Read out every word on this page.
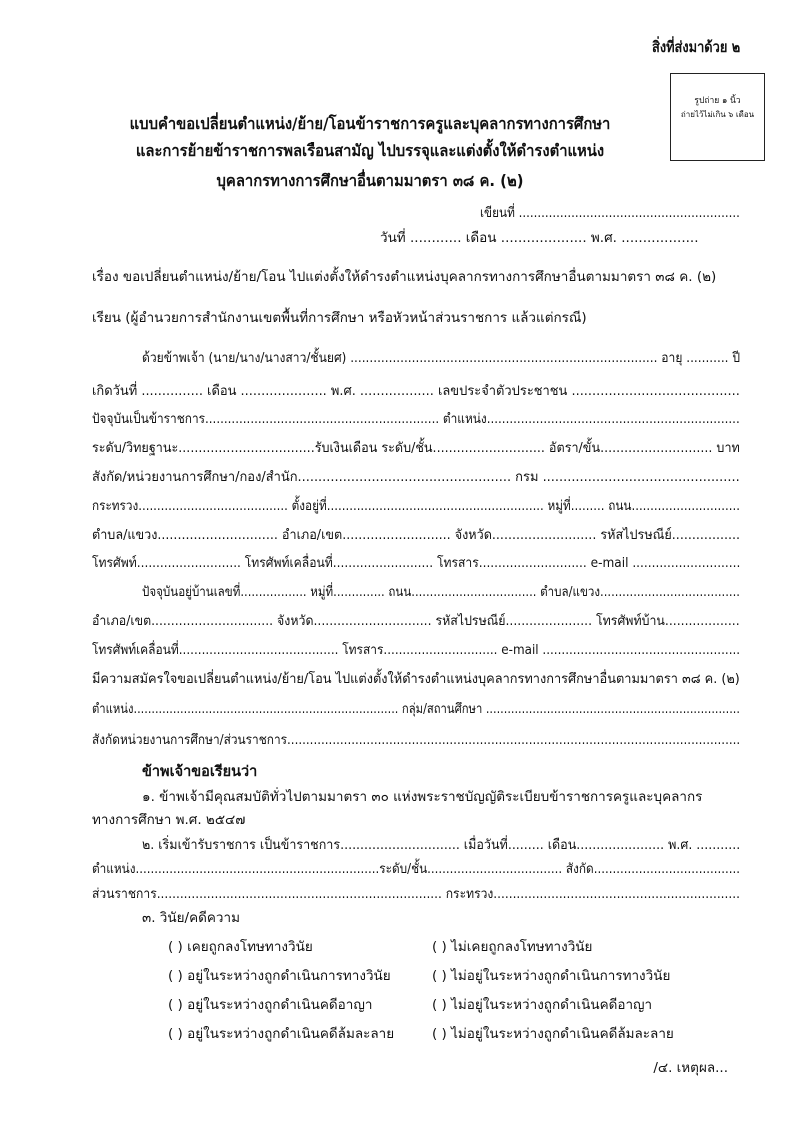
สิ่งที่ส่งมาด้วย ๒
รูปถ่าย ๑ นิ้ว
ถ่ายไว้ไม่เกิน ๖ เดือน
แบบคำขอเปลี่ยนตำแหน่ง/ย้าย/โอนข้าราชการครูและบุคลากรทางการศึกษา
และการย้ายข้าราชการพลเรือนสามัญ ไปบรรจุและแต่งตั้งให้ดำรงตำแหน่ง
บุคลากรทางการศึกษาอื่นตามมาตรา ๓๘ ค. (๒)
เขียนที่ ...........................................................
วันที่ ............ เดือน .................... พ.ศ. ..................
เรื่อง ขอเปลี่ยนตำแหน่ง/ย้าย/โอน ไปแต่งตั้งให้ดำรงตำแหน่งบุคลากรทางการศึกษาอื่นตามมาตรา ๓๘ ค. (๒)
เรียน (ผู้อำนวยการสำนักงานเขตพื้นที่การศึกษา หรือหัวหน้าส่วนราชการ แล้วแต่กรณี)
ด้วยข้าพเจ้า (นาย/นาง/นางสาว/ชั้นยศ) ................................................................................ อายุ ........... ปี
เกิดวันที่ ............... เดือน ..................... พ.ศ. .................. เลขประจำตัวประชาชน .........................................
ปัจจุบันเป็นข้าราชการ.............................................................. ตำแหน่ง...................................................................
ระดับ/วิทยฐานะ..................................รับเงินเดือน ระดับ/ชั้น............................ อัตรา/ขั้น............................ บาท
สังกัด/หน่วยงานการศึกษา/กอง/สำนัก.................................................... กรม ................................................
กระทรวง........................................ ตั้งอยู่ที่.......................................................... หมู่ที่......... ถนน.............................
ตำบล/แขวง.............................. อำเภอ/เขต........................... จังหวัด.......................... รหัสไปรษณีย์.................
โทรศัพท์........................... โทรศัพท์เคลื่อนที่.......................... โทรสาร............................ e-mail ............................
ปัจจุบันอยู่บ้านเลขที่.................. หมู่ที่.............. ถนน.................................. ตำบล/แขวง......................................
อำเภอ/เขต............................... จังหวัด.............................. รหัสไปรษณีย์...................... โทรศัพท์บ้าน...................
โทรศัพท์เคลื่อนที่.......................................... โทรสาร.............................. e-mail ....................................................
มีความสมัครใจขอเปลี่ยนตำแหน่ง/ย้าย/โอน ไปแต่งตั้งให้ดำรงตำแหน่งบุคลากรทางการศึกษาอื่นตามมาตรา ๓๘ ค. (๒)
ตำแหน่ง.......................................................................... กลุ่ม/สถานศึกษา .......................................................................
สังกัดหน่วยงานการศึกษา/ส่วนราชการ........................................................................................................................
ข้าพเจ้าขอเรียนว่า
๑. ข้าพเจ้ามีคุณสมบัติทั่วไปตามมาตรา ๓๐ แห่งพระราชบัญญัติระเบียบข้าราชการครูและบุคลากร
ทางการศึกษา พ.ศ. ๒๕๔๗
๒. เริ่มเข้ารับราชการ เป็นข้าราชการ.............................. เมื่อวันที่......... เดือน...................... พ.ศ. ...........
ตำแหน่ง.................................................................ระดับ/ชั้น.................................... สังกัด.......................................
ส่วนราชการ.......................................................................... กระทรวง................................................................
๓. วินัย/คดีความ
( ) เคยถูกลงโทษทางวินัย	( ) ไม่เคยถูกลงโทษทางวินัย
( ) อยู่ในระหว่างถูกดำเนินการทางวินัย	( ) ไม่อยู่ในระหว่างถูกดำเนินการทางวินัย
( ) อยู่ในระหว่างถูกดำเนินคดีอาญา	( ) ไม่อยู่ในระหว่างถูกดำเนินคดีอาญา
( ) อยู่ในระหว่างถูกดำเนินคดีล้มละลาย	( ) ไม่อยู่ในระหว่างถูกดำเนินคดีล้มละลาย
/๔. เหตุผล...
